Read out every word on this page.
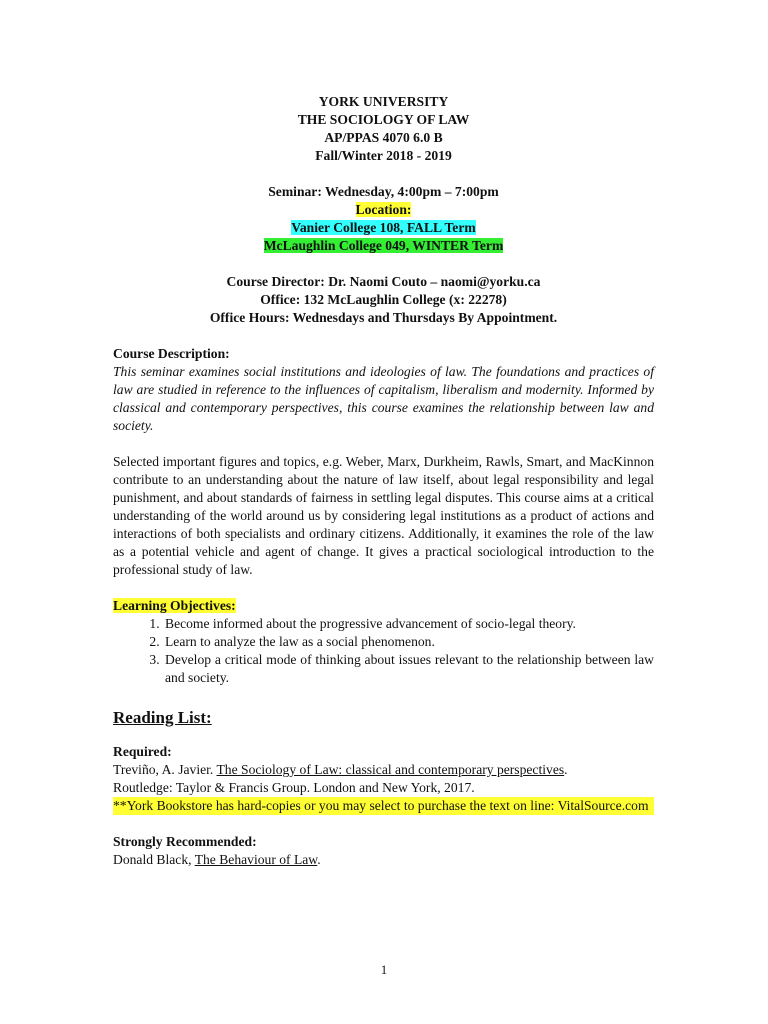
YORK UNIVERSITY
THE SOCIOLOGY OF LAW
AP/PPAS 4070 6.0 B
Fall/Winter 2018 - 2019
Seminar: Wednesday, 4:00pm – 7:00pm
Location:
Vanier College 108, FALL Term
McLaughlin College 049, WINTER Term
Course Director: Dr. Naomi Couto – naomi@yorku.ca
Office: 132 McLaughlin College (x: 22278)
Office Hours: Wednesdays and Thursdays By Appointment.
Course Description:
This seminar examines social institutions and ideologies of law. The foundations and practices of law are studied in reference to the influences of capitalism, liberalism and modernity. Informed by classical and contemporary perspectives, this course examines the relationship between law and society.
Selected important figures and topics, e.g. Weber, Marx, Durkheim, Rawls, Smart, and MacKinnon contribute to an understanding about the nature of law itself, about legal responsibility and legal punishment, and about standards of fairness in settling legal disputes. This course aims at a critical understanding of the world around us by considering legal institutions as a product of actions and interactions of both specialists and ordinary citizens. Additionally, it examines the role of the law as a potential vehicle and agent of change. It gives a practical sociological introduction to the professional study of law.
Learning Objectives:
1. Become informed about the progressive advancement of socio-legal theory.
2. Learn to analyze the law as a social phenomenon.
3. Develop a critical mode of thinking about issues relevant to the relationship between law and society.
Reading List:
Required:
Treviño, A. Javier. The Sociology of Law: classical and contemporary perspectives.
Routledge: Taylor & Francis Group. London and New York, 2017.
**York Bookstore has hard-copies or you may select to purchase the text on line: VitalSource.com
Strongly Recommended:
Donald Black, The Behaviour of Law.
1
